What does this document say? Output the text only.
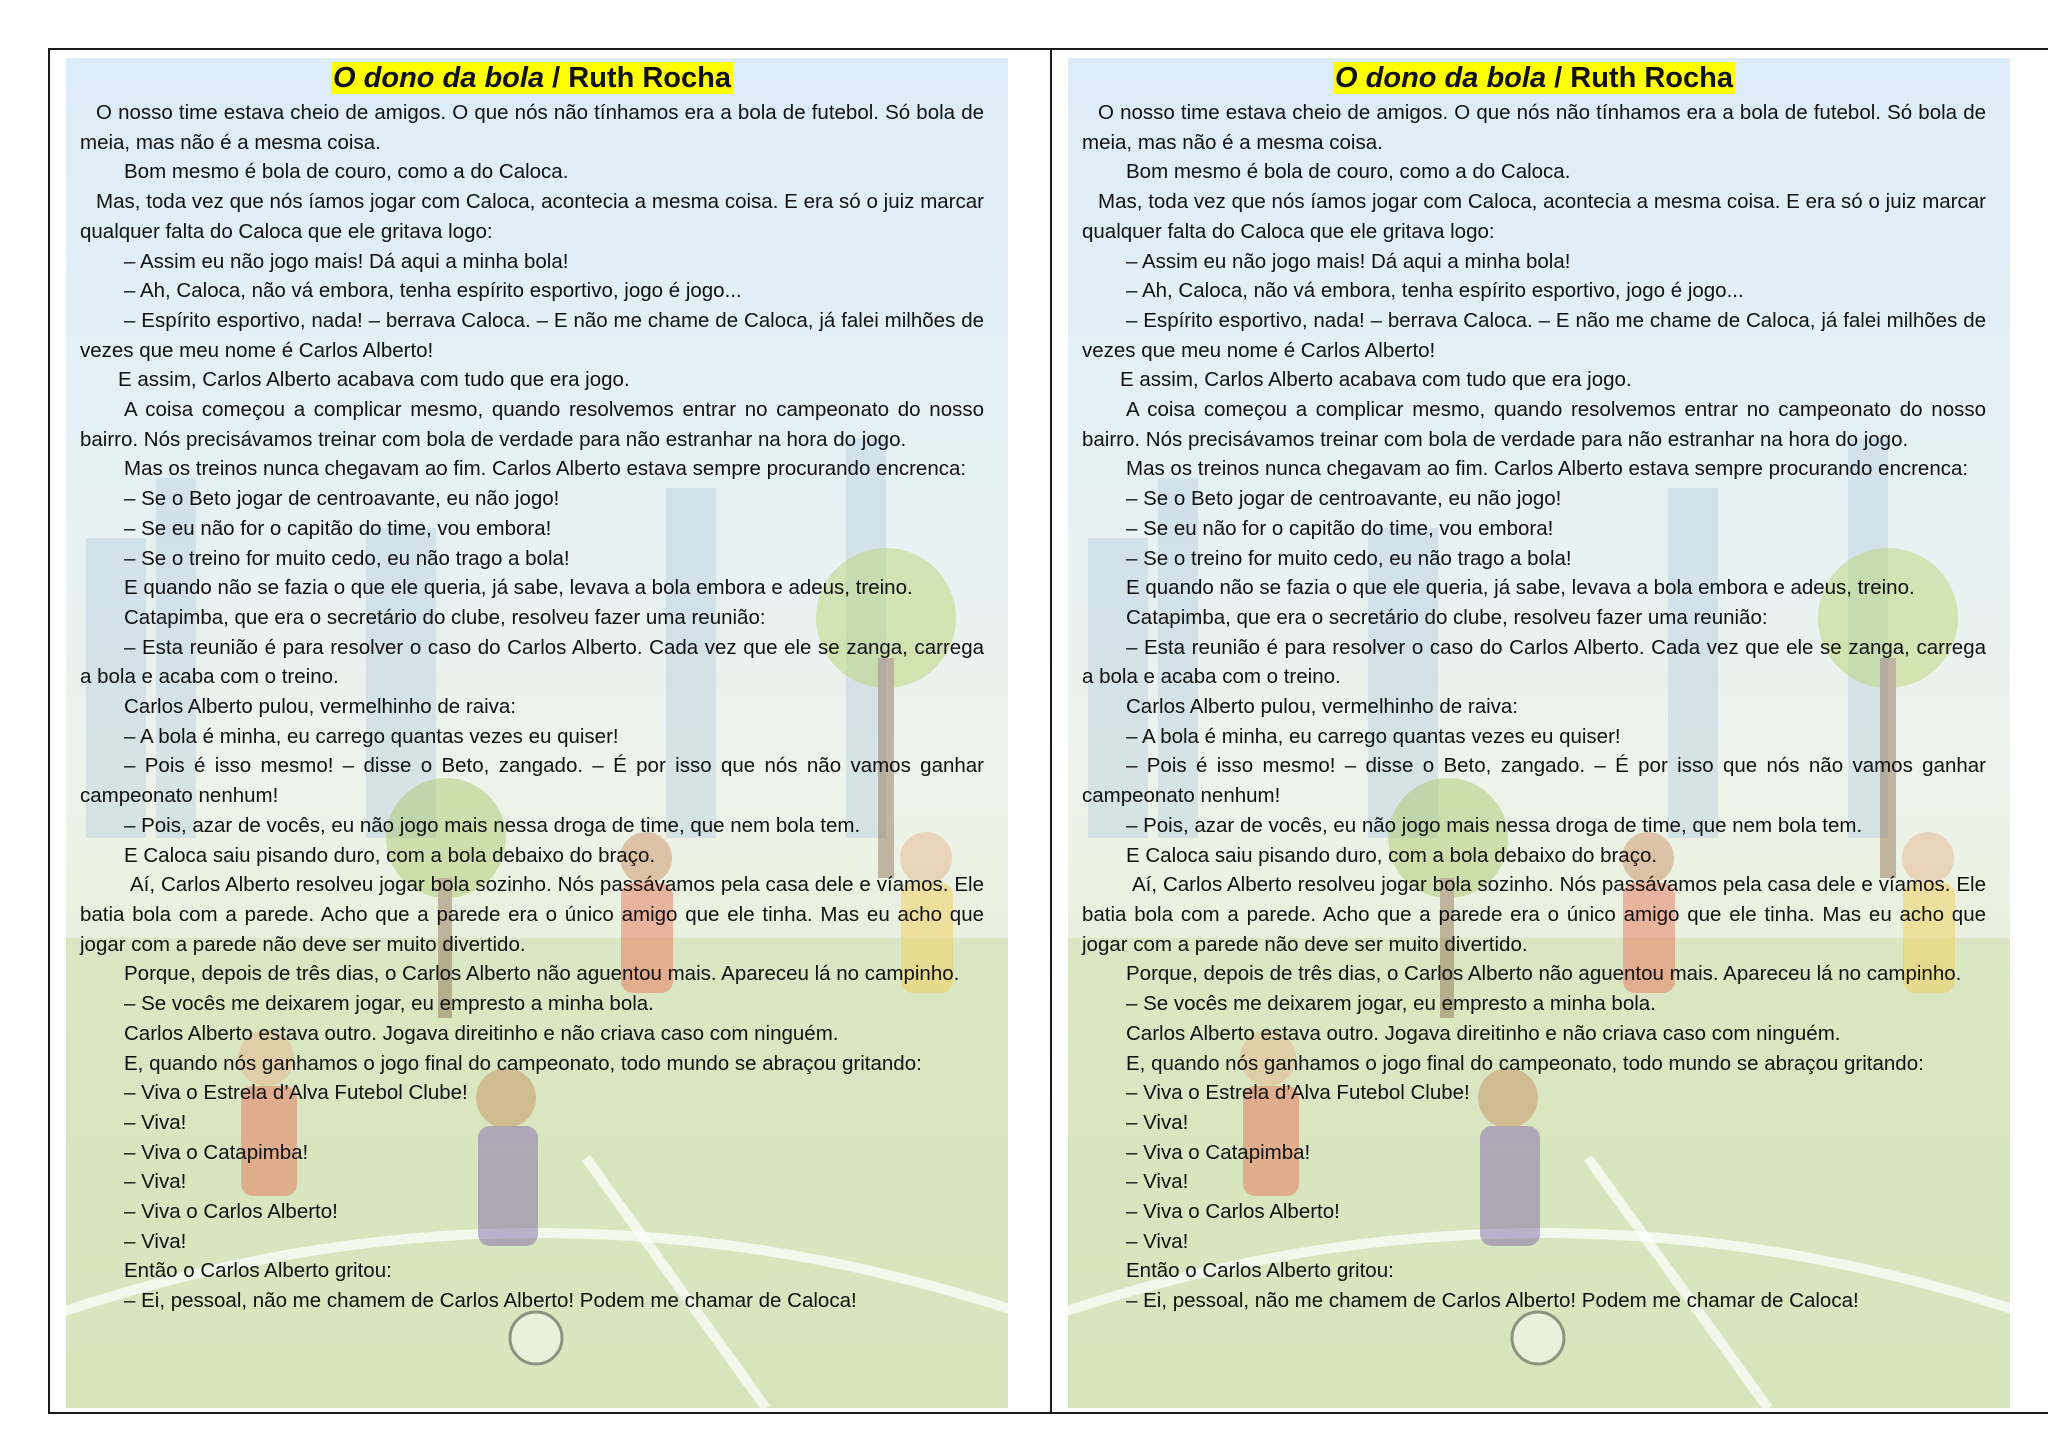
O dono da bola / Ruth Rocha

O nosso time estava cheio de amigos. O que nós não tínhamos era a bola de futebol. Só bola de meia, mas não é a mesma coisa.

Bom mesmo é bola de couro, como a do Caloca.

Mas, toda vez que nós íamos jogar com Caloca, acontecia a mesma coisa. E era só o juiz marcar qualquer falta do Caloca que ele gritava logo:

– Assim eu não jogo mais! Dá aqui a minha bola!

– Ah, Caloca, não vá embora, tenha espírito esportivo, jogo é jogo...

– Espírito esportivo, nada! – berrava Caloca. – E não me chame de Caloca, já falei milhões de vezes que meu nome é Carlos Alberto!

E assim, Carlos Alberto acabava com tudo que era jogo.

A coisa começou a complicar mesmo, quando resolvemos entrar no campeonato do nosso bairro. Nós precisávamos treinar com bola de verdade para não estranhar na hora do jogo.

Mas os treinos nunca chegavam ao fim. Carlos Alberto estava sempre procurando encrenca:

– Se o Beto jogar de centroavante, eu não jogo!

– Se eu não for o capitão do time, vou embora!

– Se o treino for muito cedo, eu não trago a bola!

E quando não se fazia o que ele queria, já sabe, levava a bola embora e adeus, treino.

Catapimba, que era o secretário do clube, resolveu fazer uma reunião:

– Esta reunião é para resolver o caso do Carlos Alberto. Cada vez que ele se zanga, carrega a bola e acaba com o treino.

Carlos Alberto pulou, vermelhinho de raiva:

– A bola é minha, eu carrego quantas vezes eu quiser!

– Pois é isso mesmo! – disse o Beto, zangado. – É por isso que nós não vamos ganhar campeonato nenhum!

– Pois, azar de vocês, eu não jogo mais nessa droga de time, que nem bola tem.

E Caloca saiu pisando duro, com a bola debaixo do braço.

Aí, Carlos Alberto resolveu jogar bola sozinho. Nós passávamos pela casa dele e víamos. Ele batia bola com a parede. Acho que a parede era o único amigo que ele tinha. Mas eu acho que jogar com a parede não deve ser muito divertido.

Porque, depois de três dias, o Carlos Alberto não aguentou mais. Apareceu lá no campinho.

– Se vocês me deixarem jogar, eu empresto a minha bola.

Carlos Alberto estava outro. Jogava direitinho e não criava caso com ninguém.

E, quando nós ganhamos o jogo final do campeonato, todo mundo se abraçou gritando:

– Viva o Estrela d’Alva Futebol Clube!

– Viva!

– Viva o Catapimba!

– Viva!

– Viva o Carlos Alberto!

– Viva!

Então o Carlos Alberto gritou:

– Ei, pessoal, não me chamem de Carlos Alberto! Podem me chamar de Caloca!

O dono da bola / Ruth Rocha

O nosso time estava cheio de amigos. O que nós não tínhamos era a bola de futebol. Só bola de meia, mas não é a mesma coisa.

Bom mesmo é bola de couro, como a do Caloca.

Mas, toda vez que nós íamos jogar com Caloca, acontecia a mesma coisa. E era só o juiz marcar qualquer falta do Caloca que ele gritava logo:

– Assim eu não jogo mais! Dá aqui a minha bola!

– Ah, Caloca, não vá embora, tenha espírito esportivo, jogo é jogo...

– Espírito esportivo, nada! – berrava Caloca. – E não me chame de Caloca, já falei milhões de vezes que meu nome é Carlos Alberto!

E assim, Carlos Alberto acabava com tudo que era jogo.

A coisa começou a complicar mesmo, quando resolvemos entrar no campeonato do nosso bairro. Nós precisávamos treinar com bola de verdade para não estranhar na hora do jogo.

Mas os treinos nunca chegavam ao fim. Carlos Alberto estava sempre procurando encrenca:

– Se o Beto jogar de centroavante, eu não jogo!

– Se eu não for o capitão do time, vou embora!

– Se o treino for muito cedo, eu não trago a bola!

E quando não se fazia o que ele queria, já sabe, levava a bola embora e adeus, treino.

Catapimba, que era o secretário do clube, resolveu fazer uma reunião:

– Esta reunião é para resolver o caso do Carlos Alberto. Cada vez que ele se zanga, carrega a bola e acaba com o treino.

Carlos Alberto pulou, vermelhinho de raiva:

– A bola é minha, eu carrego quantas vezes eu quiser!

– Pois é isso mesmo! – disse o Beto, zangado. – É por isso que nós não vamos ganhar campeonato nenhum!

– Pois, azar de vocês, eu não jogo mais nessa droga de time, que nem bola tem.

E Caloca saiu pisando duro, com a bola debaixo do braço.

Aí, Carlos Alberto resolveu jogar bola sozinho. Nós passávamos pela casa dele e víamos. Ele batia bola com a parede. Acho que a parede era o único amigo que ele tinha. Mas eu acho que jogar com a parede não deve ser muito divertido.

Porque, depois de três dias, o Carlos Alberto não aguentou mais. Apareceu lá no campinho.

– Se vocês me deixarem jogar, eu empresto a minha bola.

Carlos Alberto estava outro. Jogava direitinho e não criava caso com ninguém.

E, quando nós ganhamos o jogo final do campeonato, todo mundo se abraçou gritando:

– Viva o Estrela d’Alva Futebol Clube!

– Viva!

– Viva o Catapimba!

– Viva!

– Viva o Carlos Alberto!

– Viva!

Então o Carlos Alberto gritou:

– Ei, pessoal, não me chamem de Carlos Alberto! Podem me chamar de Caloca!
